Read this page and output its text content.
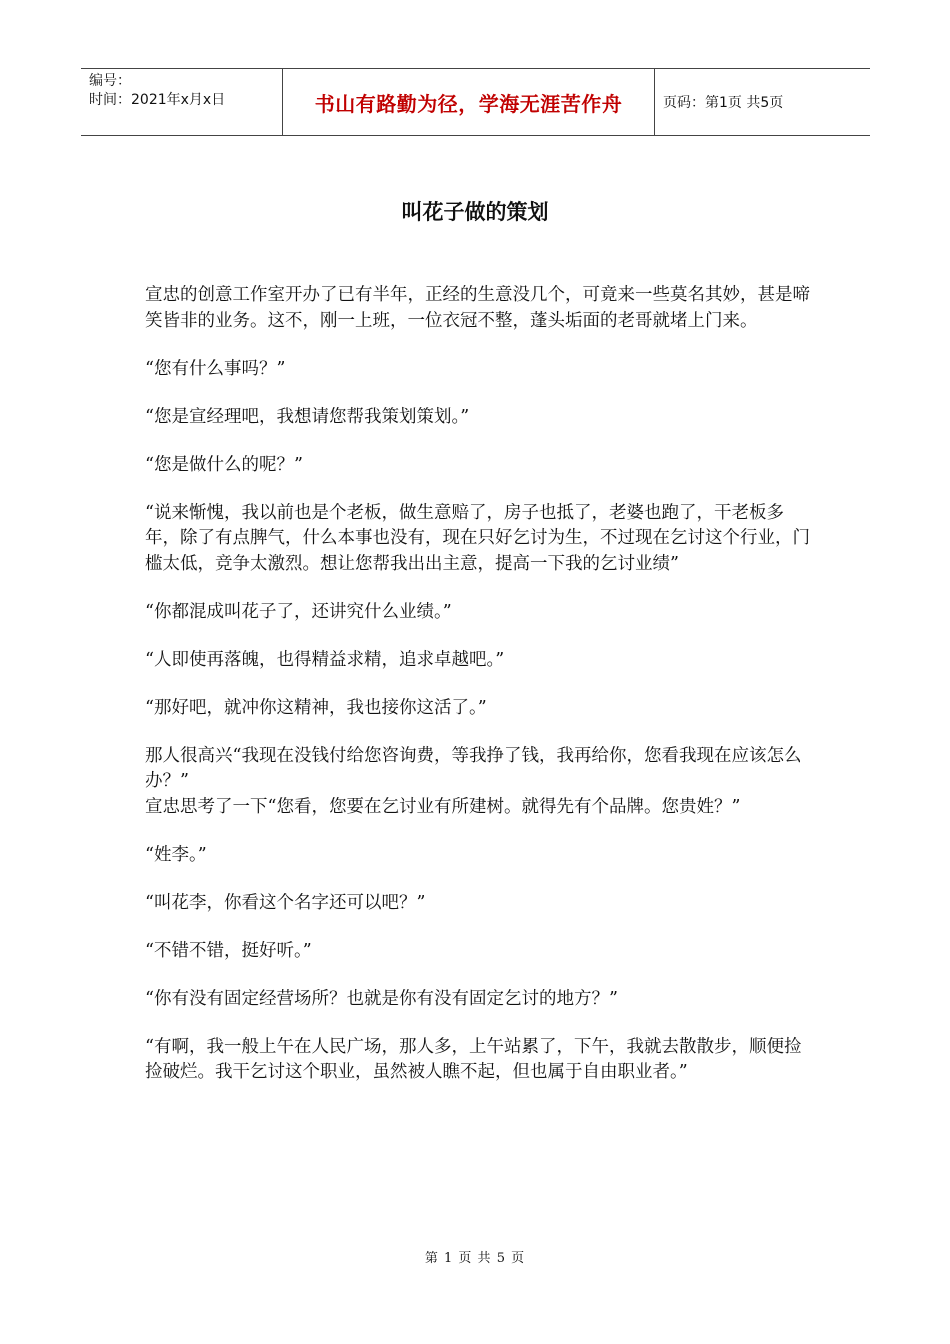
编号：
时间：2021年x月x日	书山有路勤为径，学海无涯苦作舟	页码：第1页 共5页
叫花子做的策划

宣忠的创意工作室开办了已有半年，正经的生意没几个，可竟来一些莫名其妙，甚是啼笑皆非的业务。这不，刚一上班，一位衣冠不整，蓬头垢面的老哥就堵上门来。

“您有什么事吗？”

“您是宣经理吧，我想请您帮我策划策划。”

“您是做什么的呢？”

“说来惭愧，我以前也是个老板，做生意赔了，房子也抵了，老婆也跑了，干老板多年，除了有点脾气，什么本事也没有，现在只好乞讨为生，不过现在乞讨这个行业，门槛太低，竞争太激烈。想让您帮我出出主意，提高一下我的乞讨业绩”

“你都混成叫花子了，还讲究什么业绩。”

“人即使再落魄，也得精益求精，追求卓越吧。”

“那好吧，就冲你这精神，我也接你这活了。”

那人很高兴“我现在没钱付给您咨询费，等我挣了钱，我再给你，您看我现在应该怎么办？”

宣忠思考了一下“您看，您要在乞讨业有所建树。就得先有个品牌。您贵姓？”

“姓李。”

“叫花李，你看这个名字还可以吧？”

“不错不错，挺好听。”

“你有没有固定经营场所？也就是你有没有固定乞讨的地方？”

“有啊，我一般上午在人民广场，那人多，上午站累了，下午，我就去散散步，顺便捡捡破烂。我干乞讨这个职业，虽然被人瞧不起，但也属于自由职业者。”

第 1 页 共 5 页
